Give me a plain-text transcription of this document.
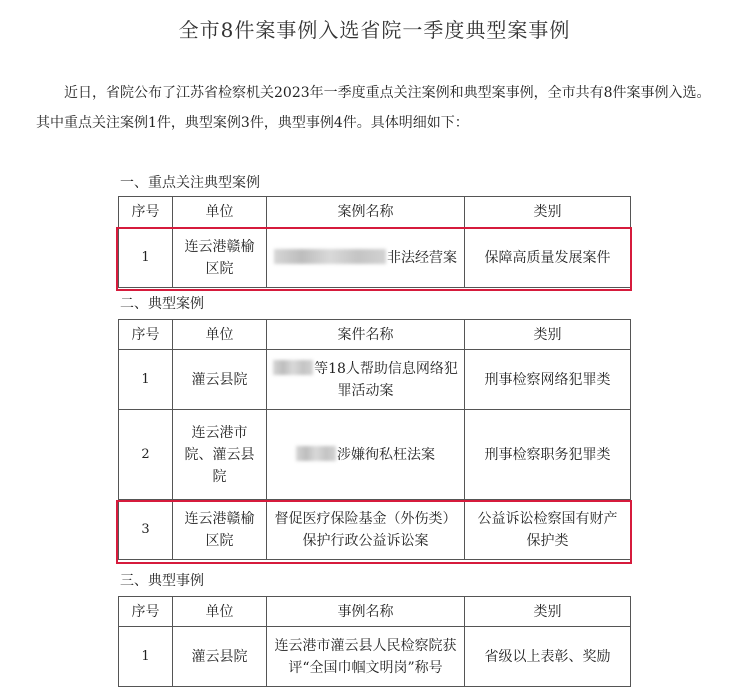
全市8件案事例入选省院一季度典型案事例
近日，省院公布了江苏省检察机关2023年一季度重点关注案例和典型案事例，全市共有8件案事例入选。其中重点关注案例1件，典型案例3件，典型事例4件。具体明细如下：
一、重点关注典型案例
序号	单位	案例名称	类别
1	连云港赣榆区院	非法经营案	保障高质量发展案件
二、典型案例
序号	单位	案件名称	类别
1	灌云县院	等18人帮助信息网络犯罪活动案	刑事检察网络犯罪类
2	连云港市院、灌云县院	涉嫌徇私枉法案	刑事检察职务犯罪类
3	连云港赣榆区院	督促医疗保险基金（外伤类）保护行政公益诉讼案	公益诉讼检察国有财产保护类
三、典型事例
序号	单位	事例名称	类别
1	灌云县院	连云港市灌云县人民检察院获评“全国巾帼文明岗”称号	省级以上表彰、奖励
